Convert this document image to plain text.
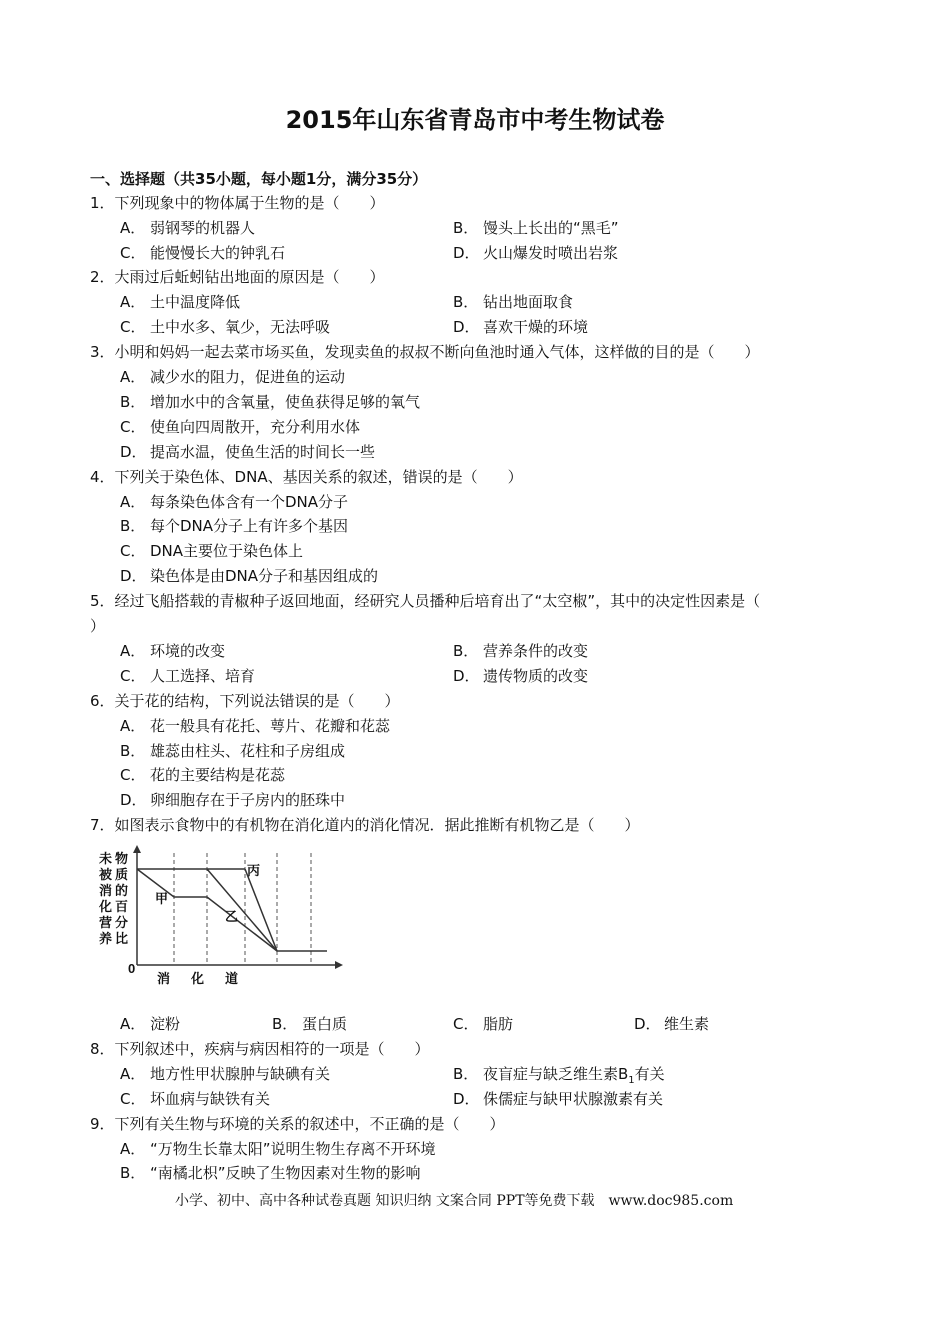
2015年山东省青岛市中考生物试卷
一、选择题（共35小题，每小题1分，满分35分）
1．下列现象中的物体属于生物的是（　　）
A． 弱钢琴的机器人	B． 馒头上长出的“黑毛”
C． 能慢慢长大的钟乳石	D． 火山爆发时喷出岩浆
2．大雨过后蚯蚓钻出地面的原因是（　　）
A． 土中温度降低	B． 钻出地面取食
C． 土中水多、氧少，无法呼吸	D． 喜欢干燥的环境
3．小明和妈妈一起去菜市场买鱼，发现卖鱼的叔叔不断向鱼池时通入气体，这样做的目的是（　　）
A． 减少水的阻力，促进鱼的运动
B． 增加水中的含氧量，使鱼获得足够的氧气
C． 使鱼向四周散开，充分利用水体
D． 提高水温，使鱼生活的时间长一些
4．下列关于染色体、DNA、基因关系的叙述，错误的是（　　）
A． 每条染色体含有一个DNA分子
B． 每个DNA分子上有许多个基因
C． DNA主要位于染色体上
D． 染色体是由DNA分子和基因组成的
5．经过飞船搭载的青椒种子返回地面，经研究人员播种后培育出了“太空椒”，其中的决定性因素是（
）
A． 环境的改变	B． 营养条件的改变
C． 人工选择、培育	D． 遗传物质的改变
6．关于花的结构，下列说法错误的是（　　）
A． 花一般具有花托、萼片、花瓣和花蕊
B． 雄蕊由柱头、花柱和子房组成
C． 花的主要结构是花蕊
D． 卵细胞存在于子房内的胚珠中
7．如图表示食物中的有机物在消化道内的消化情况．据此推断有机物乙是（　　）
未
被
消
化
营
养
物
质
的
百
分
比
0
甲
乙
丙
消 化 道
A． 淀粉	B． 蛋白质	C． 脂肪	D． 维生素
8．下列叙述中，疾病与病因相符的一项是（　　）
A． 地方性甲状腺肿与缺碘有关	B． 夜盲症与缺乏维生素$B_1$有关
C． 坏血病与缺铁有关	D． 侏儒症与缺甲状腺激素有关
9．下列有关生物与环境的关系的叙述中，不正确的是（　　）
A． “万物生长靠太阳”说明生物生存离不开环境
B． “南橘北枳”反映了生物因素对生物的影响
小学、初中、高中各种试卷真题 知识归纳 文案合同 PPT等免费下载　www.doc985.com
